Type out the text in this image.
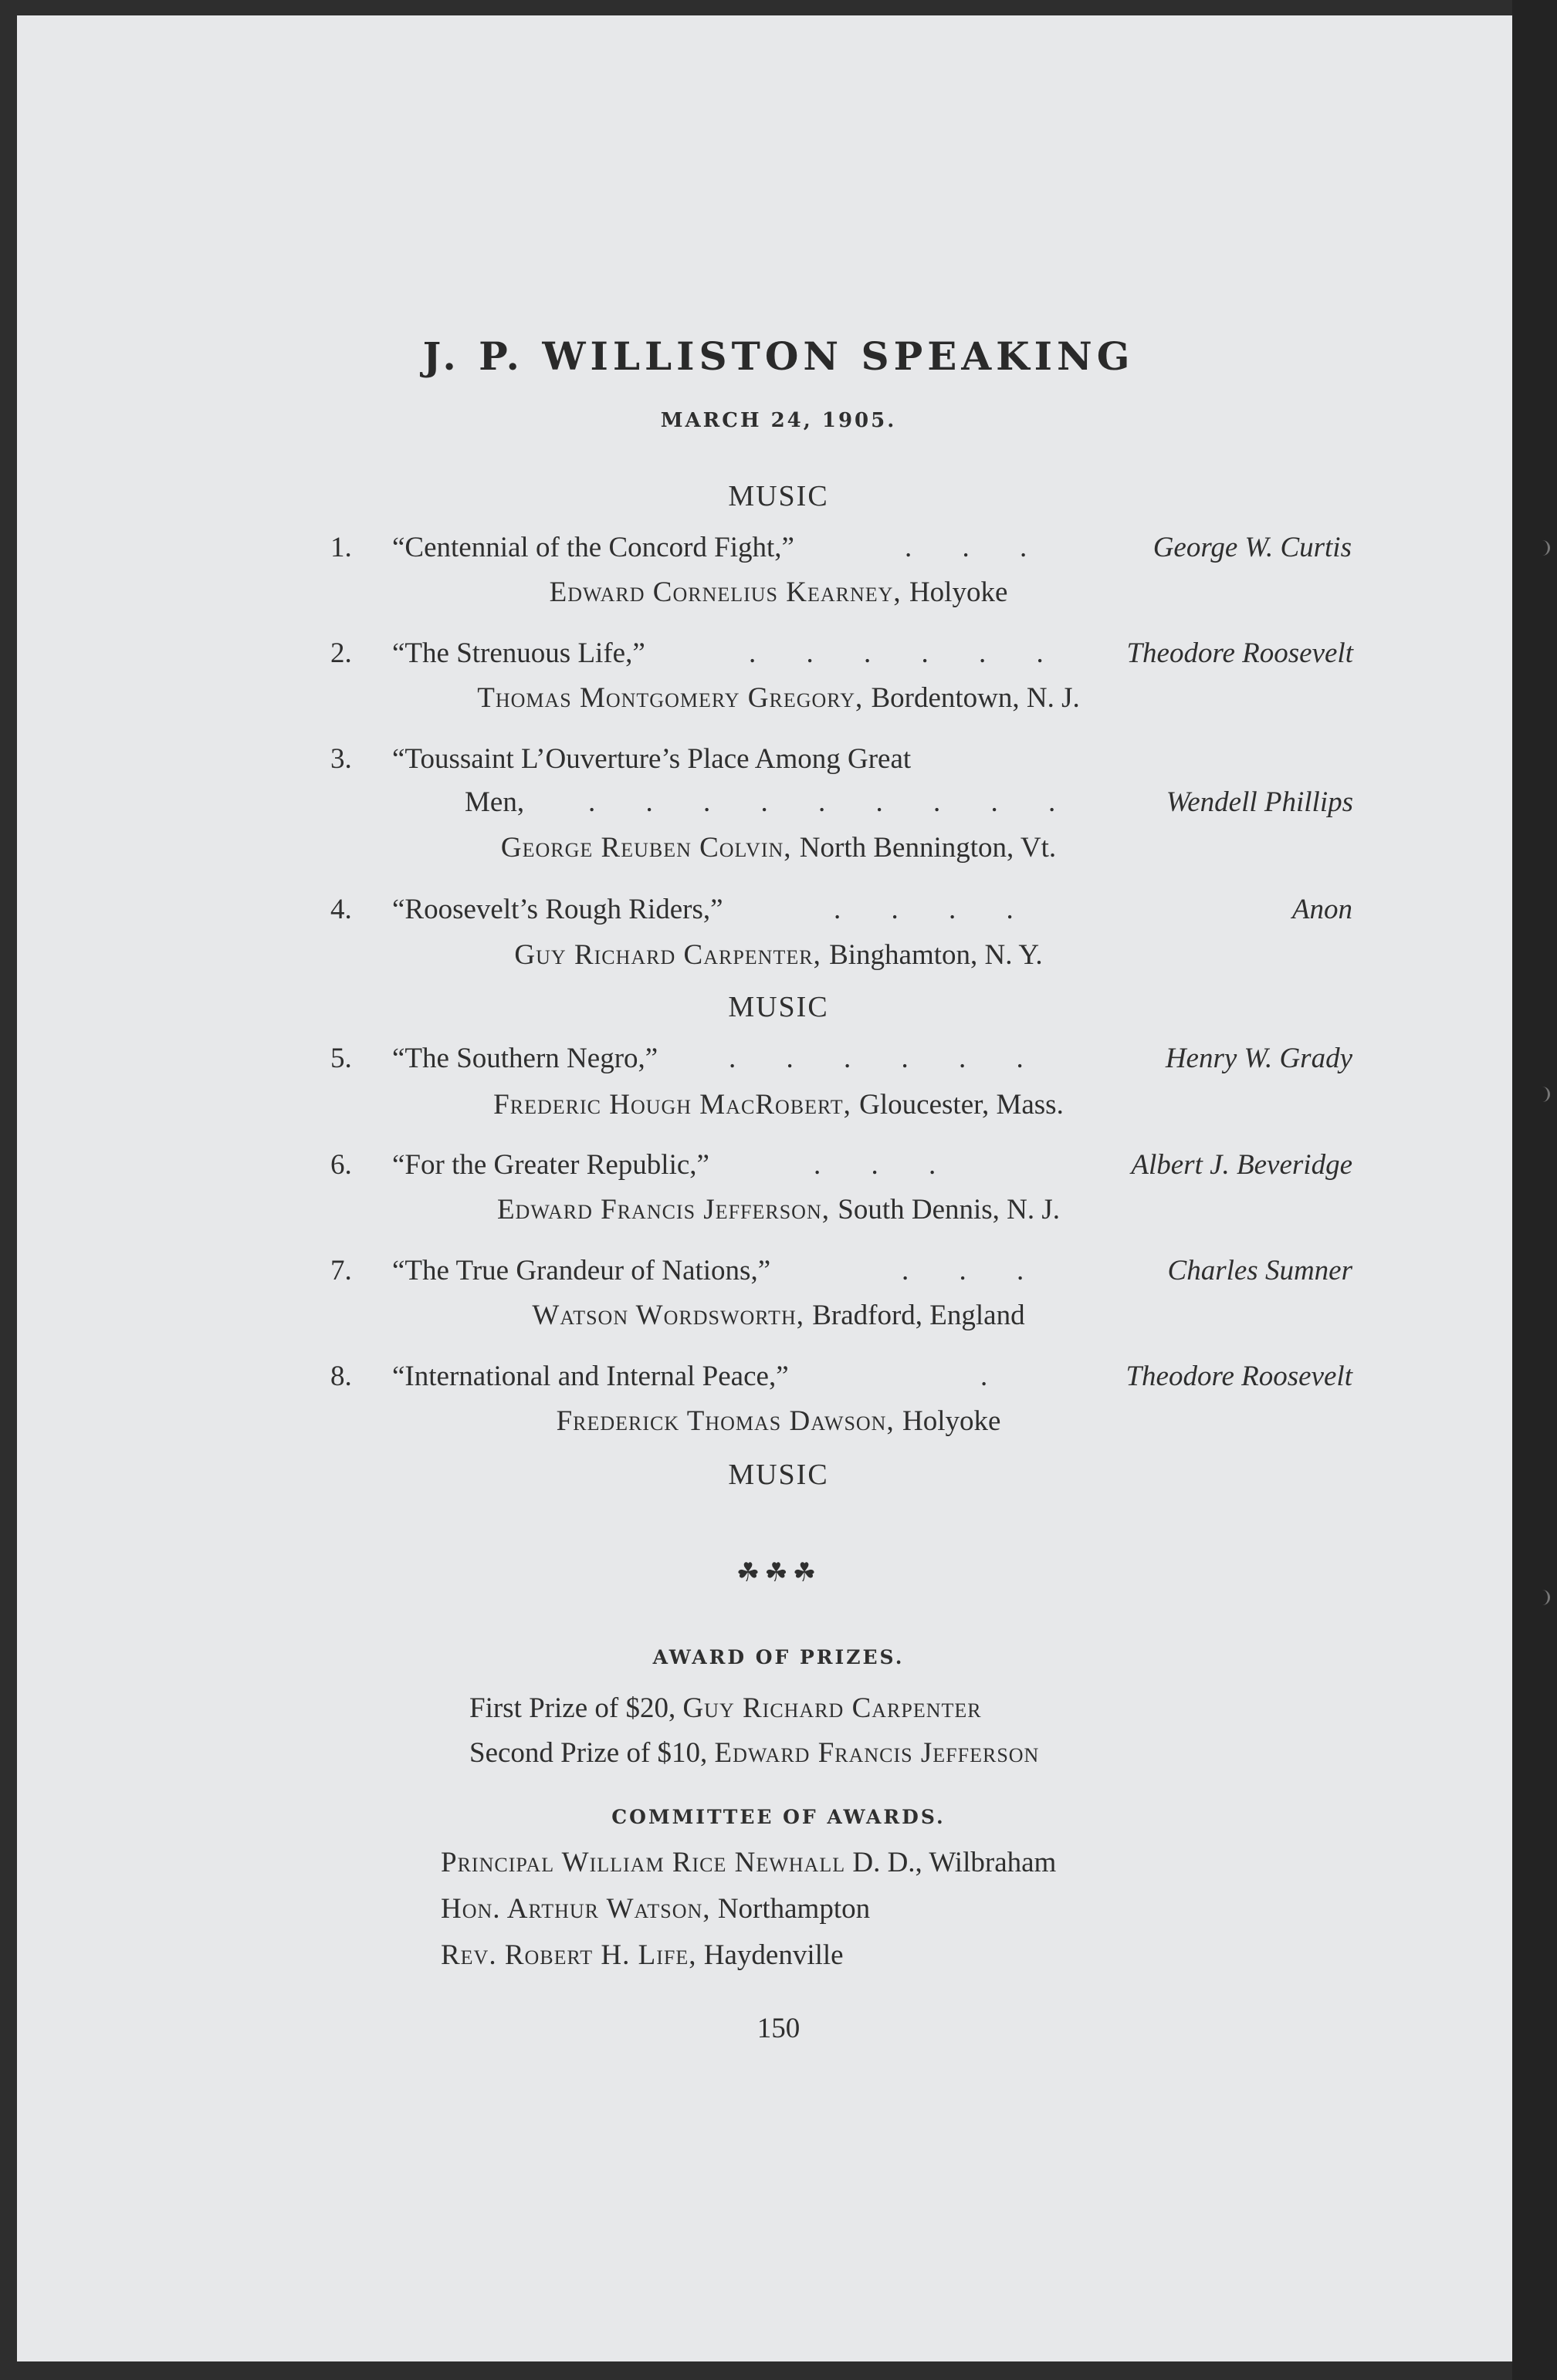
J. P. WILLISTON SPEAKING
MARCH 24, 1905.
MUSIC
1. “Centennial of the Concord Fight,”	. . .	George W. Curtis
Edward Cornelius Kearney, Holyoke
2. “The Strenuous Life,”	. . . . . . Theodore Roosevelt
Thomas Montgomery Gregory, Bordentown, N. J.
3. “Toussaint L’Ouverture’s Place Among Great
Men, . . . . . . . . .	Wendell Phillips
George Reuben Colvin, North Bennington, Vt.
4. “Roosevelt’s Rough Riders,”	. . . .	Anon
Guy Richard Carpenter, Binghamton, N. Y.
MUSIC
5. “The Southern Negro,” . . . . . .	Henry W. Grady
Frederic Hough MacRobert, Gloucester, Mass.
6. “For the Greater Republic,”	. . .	Albert J. Beveridge
Edward Francis Jefferson, South Dennis, N. J.
7. “The True Grandeur of Nations,”	. . .	Charles Sumner
Watson Wordsworth, Bradford, England
8. “International and Internal Peace,”	.	Theodore Roosevelt
Frederick Thomas Dawson, Holyoke
MUSIC
☘☘☘
AWARD OF PRIZES.
First Prize of $20, Guy Richard Carpenter
Second Prize of $10, Edward Francis Jefferson
COMMITTEE OF AWARDS.
Principal William Rice Newhall D. D., Wilbraham
Hon. Arthur Watson, Northampton
Rev. Robert H. Life, Haydenville
150
